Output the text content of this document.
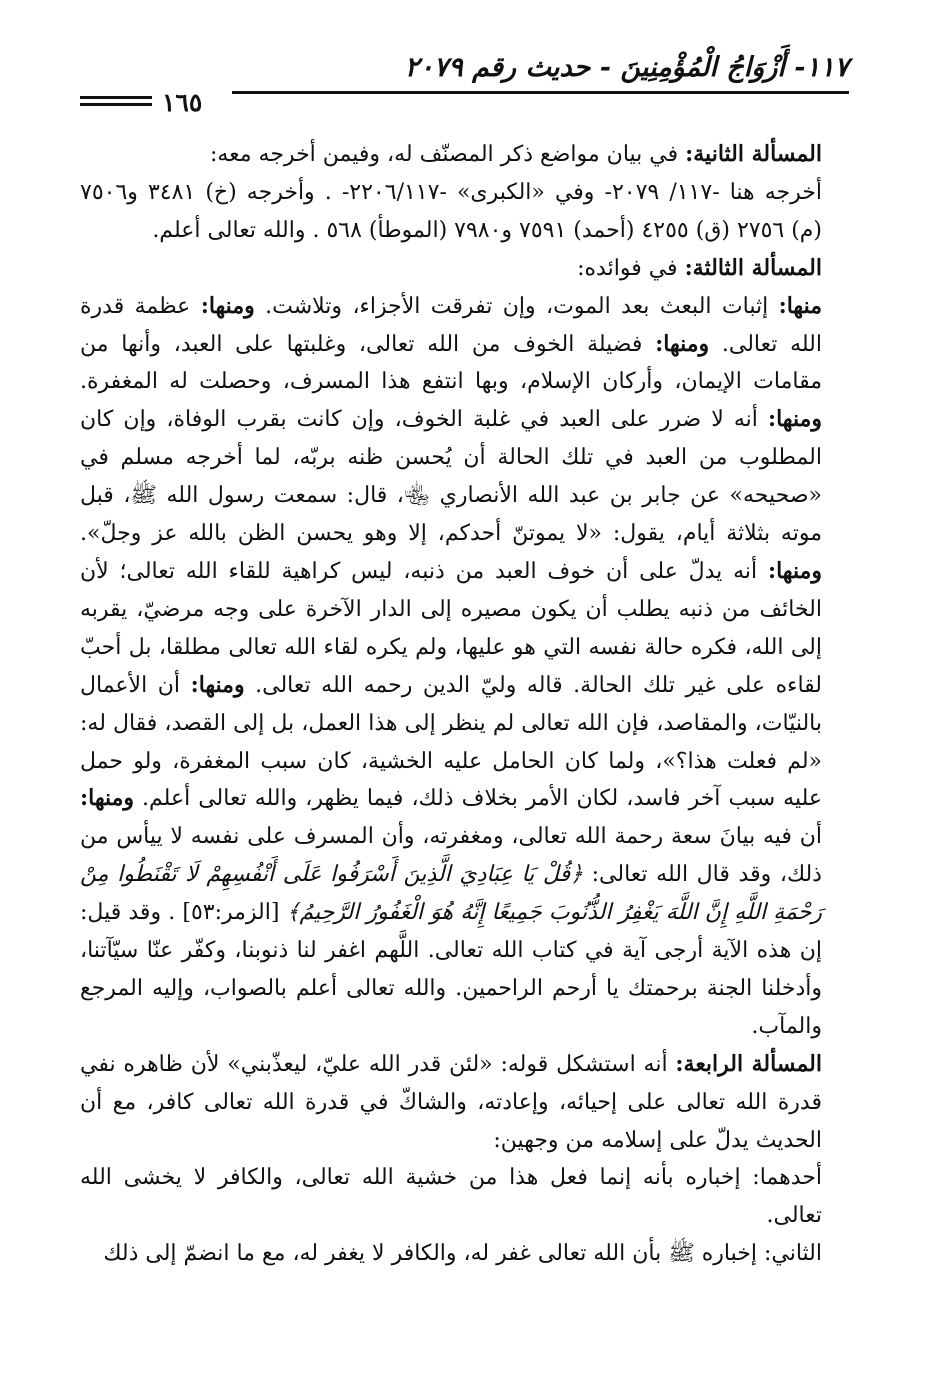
١١٧- أَزْوَاجُ الْمُؤْمِنِينَ - حديث رقم ٢٠٧٩
١٦٥

المسألة الثانية: في بيان مواضع ذكر المصنّف له، وفيمن أخرجه معه:

أخرجه هنا -١١٧/ ٢٠٧٩- وفي «الكبرى» -٢٢٠٦/١١٧- . وأخرجه (خ) ٣٤٨١ و٧٥٠٦ (م) ٢٧٥٦ (ق) ٤٢٥٥ (أحمد) ٧٥٩١ و٧٩٨٠ (الموطأ) ٥٦٨ . والله تعالى أعلم.

المسألة الثالثة: في فوائده:

منها: إثبات البعث بعد الموت، وإن تفرقت الأجزاء، وتلاشت. ومنها: عظمة قدرة الله تعالى. ومنها: فضيلة الخوف من الله تعالى، وغلبتها على العبد، وأنها من مقامات الإيمان، وأركان الإسلام، وبها انتفع هذا المسرف، وحصلت له المغفرة. ومنها: أنه لا ضرر على العبد في غلبة الخوف، وإن كانت بقرب الوفاة، وإن كان المطلوب من العبد في تلك الحالة أن يُحسن ظنه بربّه، لما أخرجه مسلم في «صحيحه» عن جابر بن عبد الله الأنصاري ﵄، قال: سمعت رسول الله ﷺ، قبل موته بثلاثة أيام، يقول: «لا يموتنّ أحدكم، إلا وهو يحسن الظن بالله عز وجلّ». ومنها: أنه يدلّ على أن خوف العبد من ذنبه، ليس كراهية للقاء الله تعالى؛ لأن الخائف من ذنبه يطلب أن يكون مصيره إلى الدار الآخرة على وجه مرضيّ، يقربه إلى الله، فكره حالة نفسه التي هو عليها، ولم يكره لقاء الله تعالى مطلقا، بل أحبّ لقاءه على غير تلك الحالة. قاله وليّ الدين رحمه الله تعالى. ومنها: أن الأعمال بالنيّات، والمقاصد، فإن الله تعالى لم ينظر إلى هذا العمل، بل إلى القصد، فقال له: «لم فعلت هذا؟»، ولما كان الحامل عليه الخشية، كان سبب المغفرة، ولو حمل عليه سبب آخر فاسد، لكان الأمر بخلاف ذلك، فيما يظهر، والله تعالى أعلم. ومنها: أن فيه بيانَ سعة رحمة الله تعالى، ومغفرته، وأن المسرف على نفسه لا ييأس من ذلك، وقد قال الله تعالى: ﴿قُلْ يَا عِبَادِيَ الَّذِينَ أَسْرَفُوا عَلَى أَنْفُسِهِمْ لَا تَقْنَطُوا مِنْ رَحْمَةِ اللَّهِ إِنَّ اللَّهَ يَغْفِرُ الذُّنُوبَ جَمِيعًا إِنَّهُ هُوَ الْغَفُورُ الرَّحِيمُ﴾ [الزمر:٥٣] . وقد قيل: إن هذه الآية أرجى آية في كتاب الله تعالى. اللَّهم اغفر لنا ذنوبنا، وكفّر عنّا سيّآتنا، وأدخلنا الجنة برحمتك يا أرحم الراحمين. والله تعالى أعلم بالصواب، وإليه المرجع والمآب.

المسألة الرابعة: أنه استشكل قوله: «لئن قدر الله عليّ، ليعذّبني» لأن ظاهره نفي قدرة الله تعالى على إحيائه، وإعادته، والشاكّ في قدرة الله تعالى كافر، مع أن الحديث يدلّ على إسلامه من وجهين:

أحدهما: إخباره بأنه إنما فعل هذا من خشية الله تعالى، والكافر لا يخشى الله تعالى.

الثاني: إخباره ﷺ بأن الله تعالى غفر له، والكافر لا يغفر له، مع ما انضمّ إلى ذلك
